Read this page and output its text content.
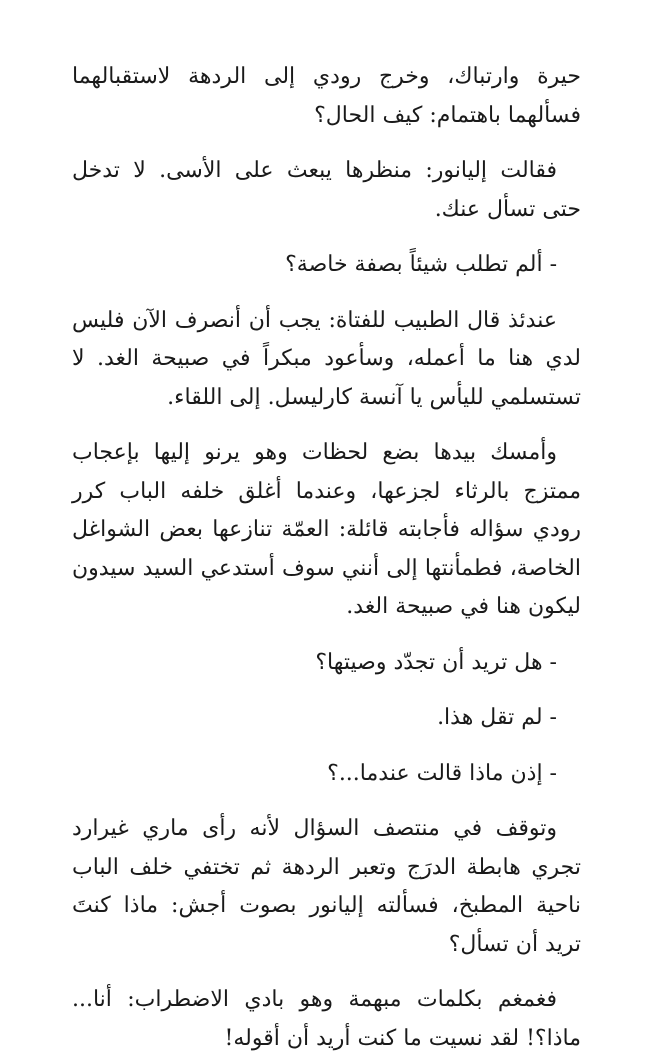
حيرة وارتباك، وخرج رودي إلى الردهة لاستقبالهما فسألهما باهتمام: كيف الحال؟

فقالت إليانور: منظرها يبعث على الأسى. لا تدخل حتى تسأل عنك.

- ألم تطلب شيئاً بصفة خاصة؟

عندئذ قال الطبيب للفتاة: يجب أن أنصرف الآن فليس لدي هنا ما أعمله، وسأعود مبكراً في صبيحة الغد. لا تستسلمي لليأس يا آنسة كارليسل. إلى اللقاء.

وأمسك بيدها بضع لحظات وهو يرنو إليها بإعجاب ممتزج بالرثاء لجزعها، وعندما أغلق خلفه الباب كرر رودي سؤاله فأجابته قائلة: العمّة تنازعها بعض الشواغل الخاصة، فطمأنتها إلى أنني سوف أستدعي السيد سيدون ليكون هنا في صبيحة الغد.

- هل تريد أن تجدّد وصيتها؟

- لم تقل هذا.

- إذن ماذا قالت عندما...؟

وتوقف في منتصف السؤال لأنه رأى ماري غيرارد تجري هابطة الدرَج وتعبر الردهة ثم تختفي خلف الباب ناحية المطبخ، فسألته إليانور بصوت أجش: ماذا كنتَ تريد أن تسأل؟

فغمغم بكلمات مبهمة وهو بادي الاضطراب: أنا... ماذا؟! لقد نسيت ما كنت أريد أن أقوله!
